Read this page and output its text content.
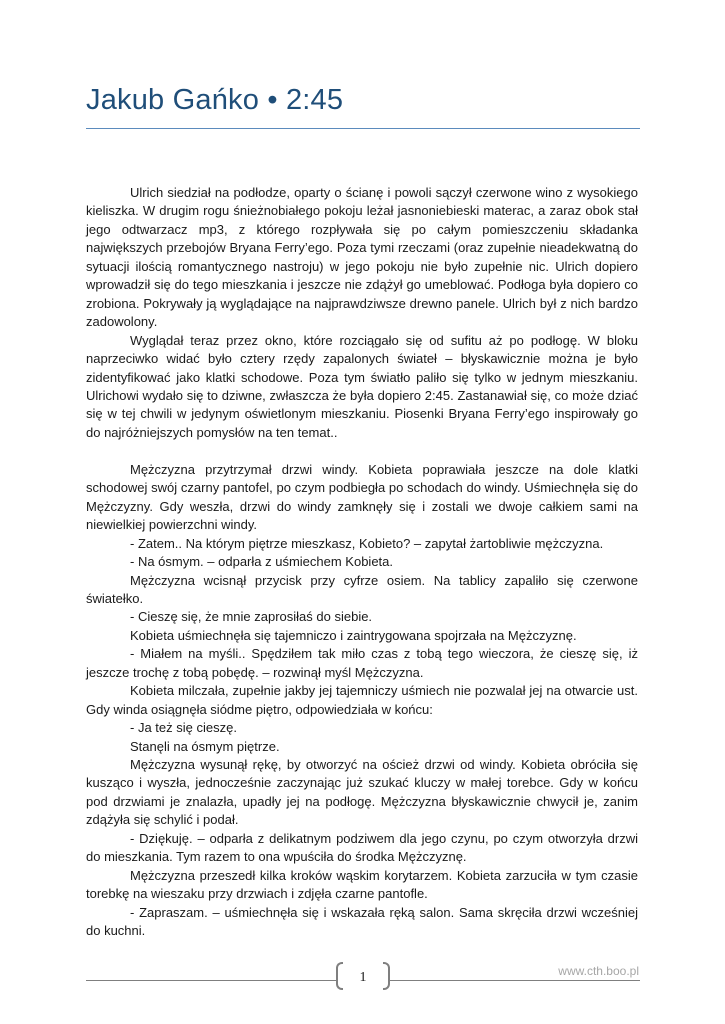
Jakub Gańko • 2:45

Ulrich siedział na podłodze, oparty o ścianę i powoli sączył czerwone wino z wysokiego kieliszka. W drugim rogu śnieżnobiałego pokoju leżał jasnoniebieski materac, a zaraz obok stał jego odtwarzacz mp3, z którego rozpływała się po całym pomieszczeniu składanka największych przebojów Bryana Ferry’ego. Poza tymi rzeczami (oraz zupełnie nieadekwatną do sytuacji ilością romantycznego nastroju) w jego pokoju nie było zupełnie nic. Ulrich dopiero wprowadził się do tego mieszkania i jeszcze nie zdążył go umeblować. Podłoga była dopiero co zrobiona. Pokrywały ją wyglądające na najprawdziwsze drewno panele. Ulrich był z nich bardzo zadowolony.

Wyglądał teraz przez okno, które rozciągało się od sufitu aż po podłogę. W bloku naprzeciwko widać było cztery rzędy zapalonych świateł – błyskawicznie można je było zidentyfikować jako klatki schodowe. Poza tym światło paliło się tylko w jednym mieszkaniu. Ulrichowi wydało się to dziwne, zwłaszcza że była dopiero 2:45. Zastanawiał się, co może dziać się w tej chwili w jedynym oświetlonym mieszkaniu. Piosenki Bryana Ferry’ego inspirowały go do najróżniejszych pomysłów na ten temat..

Mężczyzna przytrzymał drzwi windy. Kobieta poprawiała jeszcze na dole klatki schodowej swój czarny pantofel, po czym podbiegła po schodach do windy. Uśmiechnęła się do Mężczyzny. Gdy weszła, drzwi do windy zamknęły się i zostali we dwoje całkiem sami na niewielkiej powierzchni windy.

- Zatem.. Na którym piętrze mieszkasz, Kobieto? – zapytał żartobliwie mężczyzna.

- Na ósmym. – odparła z uśmiechem Kobieta.

Mężczyzna wcisnął przycisk przy cyfrze osiem. Na tablicy zapaliło się czerwone światełko.

- Cieszę się, że mnie zaprosiłaś do siebie.

Kobieta uśmiechnęła się tajemniczo i zaintrygowana spojrzała na Mężczyznę.

- Miałem na myśli.. Spędziłem tak miło czas z tobą tego wieczora, że cieszę się, iż jeszcze trochę z tobą pobędę. – rozwinął myśl Mężczyzna.

Kobieta milczała, zupełnie jakby jej tajemniczy uśmiech nie pozwalał jej na otwarcie ust. Gdy winda osiągnęła siódme piętro, odpowiedziała w końcu:

- Ja też się cieszę.

Stanęli na ósmym piętrze.

Mężczyzna wysunął rękę, by otworzyć na oścież drzwi od windy. Kobieta obróciła się kusząco i wyszła, jednocześnie zaczynając już szukać kluczy w małej torebce. Gdy w końcu pod drzwiami je znalazła, upadły jej na podłogę. Mężczyzna błyskawicznie chwycił je, zanim zdążyła się schylić i podał.

- Dziękuję. – odparła z delikatnym podziwem dla jego czynu, po czym otworzyła drzwi do mieszkania. Tym razem to ona wpuściła do środka Mężczyznę.

Mężczyzna przeszedł kilka kroków wąskim korytarzem. Kobieta zarzuciła w tym czasie torebkę na wieszaku przy drzwiach i zdjęła czarne pantofle.

- Zapraszam. – uśmiechnęła się i wskazała ręką salon. Sama skręciła drzwi wcześniej do kuchni.

www.cth.boo.pl
1
